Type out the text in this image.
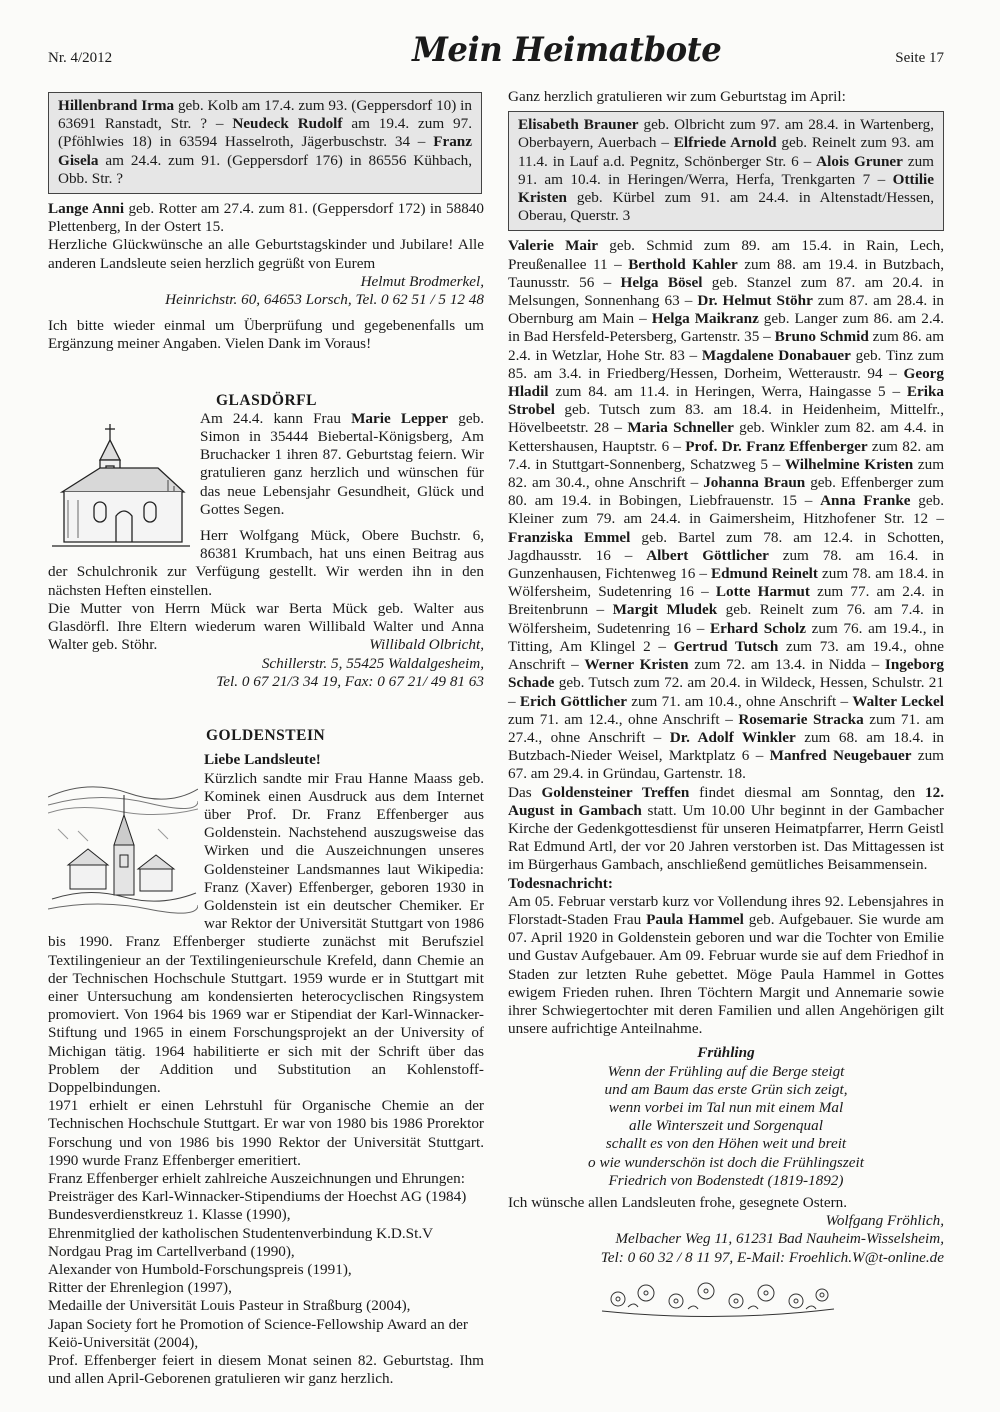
Nr. 4/2012	Mein Heimatbote	Seite 17
Hillenbrand Irma geb. Kolb am 17.4. zum 93. (Geppersdorf 10) in 63691 Ranstadt, Str. ? – Neudeck Rudolf am 19.4. zum 97. (Pföhlwies 18) in 63594 Hasselroth, Jägerbuschstr. 34 – Franz Gisela am 24.4. zum 91. (Geppersdorf 176) in 86556 Kühbach, Obb. Str. ?

Lange Anni geb. Rotter am 27.4. zum 81. (Geppersdorf 172) in 58840 Plettenberg, In der Ostert 15.

Herzliche Glückwünsche an alle Geburtstagskinder und Jubilare! Alle anderen Landsleute seien herzlich gegrüßt von Eurem

Helmut Brodmerkel,

Heinrichstr. 60, 64653 Lorsch, Tel. 0 62 51 / 5 12 48

Ich bitte wieder einmal um Überprüfung und gegebenenfalls um Ergänzung meiner Angaben. Vielen Dank im Voraus!

GLASDÖRFL

Am 24.4. kann Frau Marie Lepper geb. Simon in 35444 Biebertal-Königsberg, Am Bruchacker 1 ihren 87. Geburtstag feiern. Wir gratulieren ganz herzlich und wünschen für das neue Lebensjahr Gesundheit, Glück und Gottes Segen.

Herr Wolfgang Mück, Obere Buchstr. 6, 86381 Krumbach, hat uns einen Beitrag aus der Schulchronik zur Verfügung gestellt. Wir werden ihn in den nächsten Heften einstellen.

Die Mutter von Herrn Mück war Berta Mück geb. Walter aus Glasdörfl. Ihre Eltern wiederum waren Willibald Walter und Anna Walter geb. Stöhr.	Willibald Olbricht,

Schillerstr. 5, 55425 Waldalgesheim,

Tel. 0 67 21/3 34 19, Fax: 0 67 21/ 49 81 63

GOLDENSTEIN

Liebe Landsleute!

Kürzlich sandte mir Frau Hanne Maass geb. Kominek einen Ausdruck aus dem Internet über Prof. Dr. Franz Effenberger aus Goldenstein. Nachstehend auszugsweise das Wirken und die Auszeichnungen unseres Goldensteiner Landsmannes laut Wikipedia: Franz (Xaver) Effenberger, geboren 1930 in Goldenstein ist ein deutscher Chemiker. Er war Rektor der Universität Stuttgart von 1986 bis 1990. Franz Effenberger studierte zunächst mit Berufsziel Textilingenieur an der Textilingenieurschule Krefeld, dann Chemie an der Technischen Hochschule Stuttgart. 1959 wurde er in Stuttgart mit einer Untersuchung am kondensierten heterocyclischen Ringsystem promoviert. Von 1964 bis 1969 war er Stipendiat der Karl-Winnacker-Stiftung und 1965 in einem Forschungsprojekt an der University of Michigan tätig. 1964 habilitierte er sich mit der Schrift über das Problem der Addition und Substitution an Kohlenstoff-Doppelbindungen.

1971 erhielt er einen Lehrstuhl für Organische Chemie an der Technischen Hochschule Stuttgart. Er war von 1980 bis 1986 Prorektor Forschung und von 1986 bis 1990 Rektor der Universität Stuttgart. 1990 wurde Franz Effenberger emeritiert.

Franz Effenberger erhielt zahlreiche Auszeichnungen und Ehrungen:

Preisträger des Karl-Winnacker-Stipendiums der Hoechst AG (1984)

Bundesverdienstkreuz 1. Klasse (1990),

Ehrenmitglied der katholischen Studentenverbindung K.D.St.V Nordgau Prag im Cartellverband (1990),

Alexander von Humbold-Forschungspreis (1991),

Ritter der Ehrenlegion (1997),

Medaille der Universität Louis Pasteur in Straßburg (2004),

Japan Society fort he Promotion of Science-Fellowship Award an der Keiö-Universität (2004),

Prof. Effenberger feiert in diesem Monat seinen 82. Geburtstag. Ihm und allen April-Geborenen gratulieren wir ganz herzlich.

Ganz herzlich gratulieren wir zum Geburtstag im April:

Elisabeth Brauner geb. Olbricht zum 97. am 28.4. in Wartenberg, Oberbayern, Auerbach – Elfriede Arnold geb. Reinelt zum 93. am 11.4. in Lauf a.d. Pegnitz, Schönberger Str. 6 – Alois Gruner zum 91. am 10.4. in Heringen/Werra, Herfa, Trenkgarten 7 – Ottilie Kristen geb. Kürbel zum 91. am 24.4. in Altenstadt/Hessen, Oberau, Querstr. 3

Valerie Mair geb. Schmid zum 89. am 15.4. in Rain, Lech, Preußenallee 11 – Berthold Kahler zum 88. am 19.4. in Butzbach, Taunusstr. 56 – Helga Bösel geb. Stanzel zum 87. am 20.4. in Melsungen, Sonnenhang 63 – Dr. Helmut Stöhr zum 87. am 28.4. in Obernburg am Main – Helga Maikranz geb. Langer zum 86. am 2.4. in Bad Hersfeld-Petersberg, Gartenstr. 35 – Bruno Schmid zum 86. am 2.4. in Wetzlar, Hohe Str. 83 – Magdalene Donabauer geb. Tinz zum 85. am 3.4. in Friedberg/Hessen, Dorheim, Wetteraustr. 94 – Georg Hladil zum 84. am 11.4. in Heringen, Werra, Haingasse 5 – Erika Strobel geb. Tutsch zum 83. am 18.4. in Heidenheim, Mittelfr., Hövelbeetstr. 28 – Maria Schneller geb. Winkler zum 82. am 4.4. in Kettershausen, Hauptstr. 6 – Prof. Dr. Franz Effenberger zum 82. am 7.4. in Stuttgart-Sonnenberg, Schatzweg 5 – Wilhelmine Kristen zum 82. am 30.4., ohne Anschrift – Johanna Braun geb. Effenberger zum 80. am 19.4. in Bobingen, Liebfrauenstr. 15 – Anna Franke geb. Kleiner zum 79. am 24.4. in Gaimersheim, Hitzhofener Str. 12 – Franziska Emmel geb. Bartel zum 78. am 12.4. in Schotten, Jagdhausstr. 16 – Albert Göttlicher zum 78. am 16.4. in Gunzenhausen, Fichtenweg 16 – Edmund Reinelt zum 78. am 18.4. in Wölfersheim, Sudetenring 16 – Lotte Harmut zum 77. am 2.4. in Breitenbrunn – Margit Mludek geb. Reinelt zum 76. am 7.4. in Wölfersheim, Sudetenring 16 – Erhard Scholz zum 76. am 19.4., in Titting, Am Klingel 2 – Gertrud Tutsch zum 73. am 19.4., ohne Anschrift – Werner Kristen zum 72. am 13.4. in Nidda – Ingeborg Schade geb. Tutsch zum 72. am 20.4. in Wildeck, Hessen, Schulstr. 21 – Erich Göttlicher zum 71. am 10.4., ohne Anschrift – Walter Leckel zum 71. am 12.4., ohne Anschrift – Rosemarie Stracka zum 71. am 27.4., ohne Anschrift – Dr. Adolf Winkler zum 68. am 18.4. in Butzbach-Nieder Weisel, Marktplatz 6 – Manfred Neugebauer zum 67. am 29.4. in Gründau, Gartenstr. 18.

Das Goldensteiner Treffen findet diesmal am Sonntag, den 12. August in Gambach statt. Um 10.00 Uhr beginnt in der Gambacher Kirche der Gedenkgottesdienst für unseren Heimatpfarrer, Herrn Geistl Rat Edmund Artl, der vor 20 Jahren verstorben ist. Das Mittagessen ist im Bürgerhaus Gambach, anschließend gemütliches Beisammensein.

Todesnachricht:

Am 05. Februar verstarb kurz vor Vollendung ihres 92. Lebensjahres in Florstadt-Staden Frau Paula Hammel geb. Aufgebauer. Sie wurde am 07. April 1920 in Goldenstein geboren und war die Tochter von Emilie und Gustav Aufgebauer. Am 09. Februar wurde sie auf dem Friedhof in Staden zur letzten Ruhe gebettet. Möge Paula Hammel in Gottes ewigem Frieden ruhen. Ihren Töchtern Margit und Annemarie sowie ihrer Schwiegertochter mit deren Familien und allen Angehörigen gilt unsere aufrichtige Anteilnahme.

Frühling

Wenn der Frühling auf die Berge steigt

und am Baum das erste Grün sich zeigt,

wenn vorbei im Tal nun mit einem Mal

alle Winterszeit und Sorgenqual

schallt es von den Höhen weit und breit

o wie wunderschön ist doch die Frühlingszeit

Friedrich von Bodenstedt (1819-1892)

Ich wünsche allen Landsleuten frohe, gesegnete Ostern.

Wolfgang Fröhlich,

Melbacher Weg 11, 61231 Bad Nauheim-Wisselsheim,

Tel: 0 60 32 / 8 11 97, E-Mail: Froehlich.W@t-online.de
